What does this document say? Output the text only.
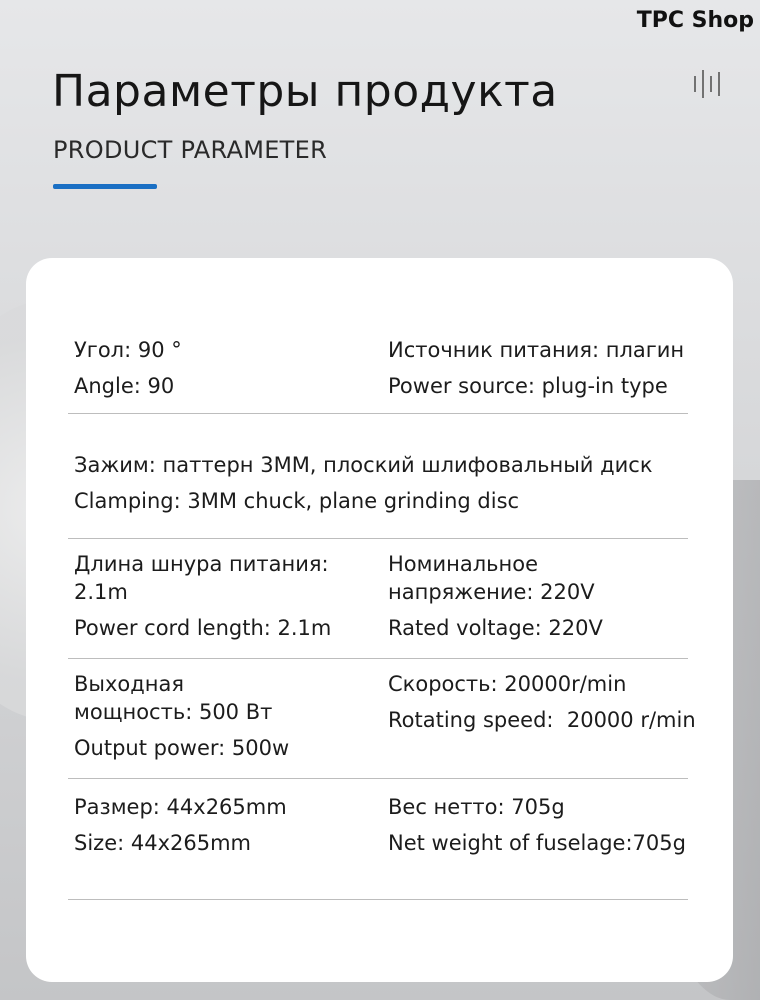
TPC Shop
Параметры продукта
PRODUCT PARAMETER
Угол: 90 °
Angle: 90
Источник питания: плагин
Power source: plug-in type
Зажим: паттерн 3MM, плоский шлифовальный диск
Clamping: 3MM chuck, plane grinding disc
Длина шнура питания: 2.1m
Power cord length: 2.1m
Номинальное напряжение: 220V
Rated voltage: 220V
Выходная мощность: 500 Вт
Output power: 500w
Скорость: 20000r/min
Rotating speed:  20000 r/min
Размер: 44x265mm
Size: 44x265mm
Вес нетто: 705g
Net weight of fuselage:705g
